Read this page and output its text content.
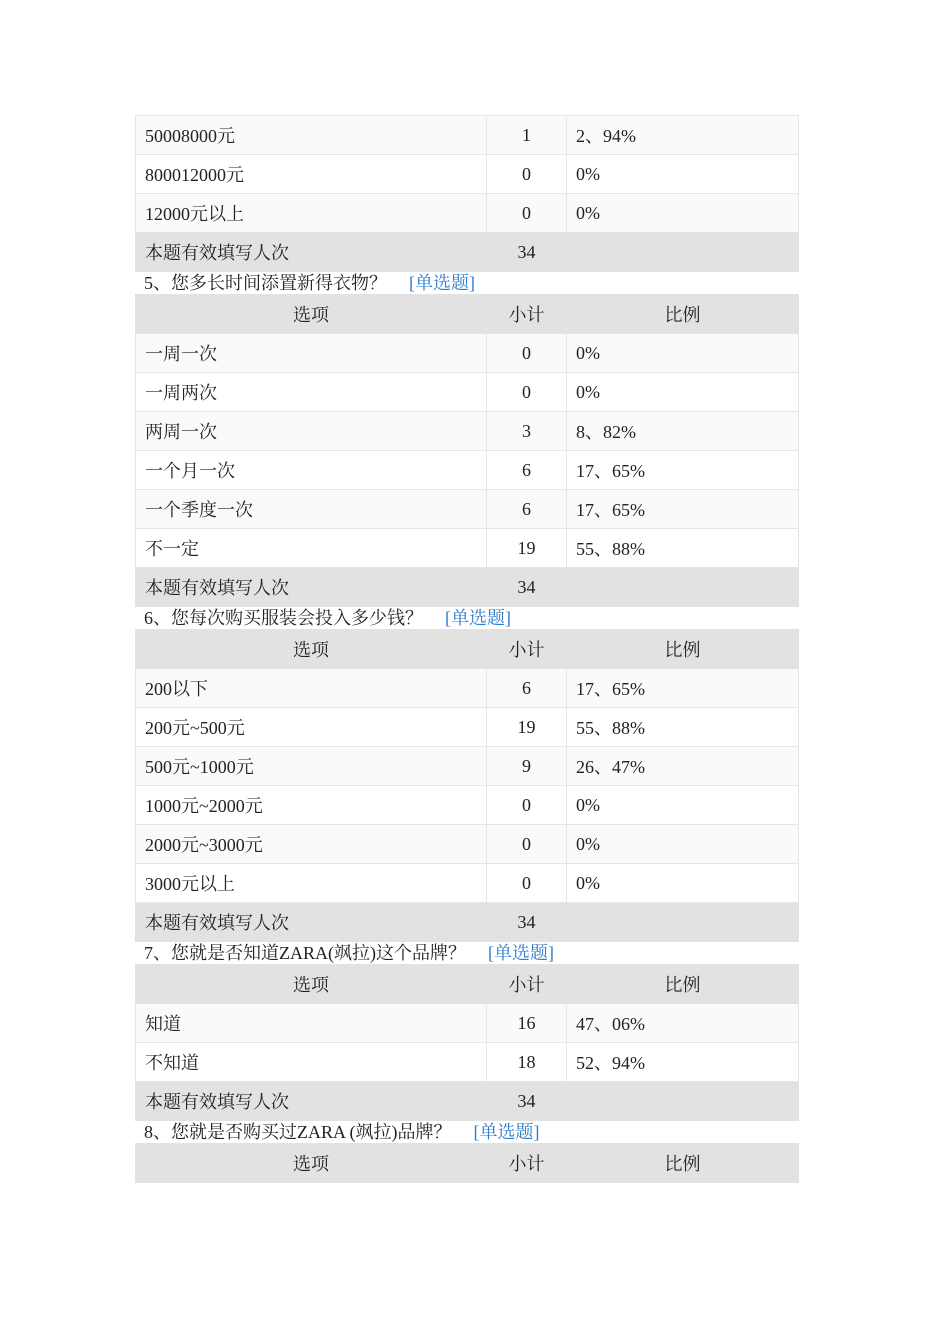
50008000元	1	2、94%
800012000元	0	0%
12000元以上	0	0%
本题有效填写人次	34	
5、您多长时间添置新得衣物？ [单选题]
选项	小计	比例
一周一次	0	0%
一周两次	0	0%
两周一次	3	8、82%
一个月一次	6	17、65%
一个季度一次	6	17、65%
不一定	19	55、88%
本题有效填写人次	34	
6、您每次购买服装会投入多少钱？ [单选题]
选项	小计	比例
200以下	6	17、65%
200元~500元	19	55、88%
500元~1000元	9	26、47%
1000元~2000元	0	0%
2000元~3000元	0	0%
3000元以上	0	0%
本题有效填写人次	34	
7、您就是否知道ZARA(飒拉)这个品牌？ [单选题]
选项	小计	比例
知道	16	47、06%
不知道	18	52、94%
本题有效填写人次	34	
8、您就是否购买过ZARA (飒拉)品牌？ [单选题]
选项	小计	比例
